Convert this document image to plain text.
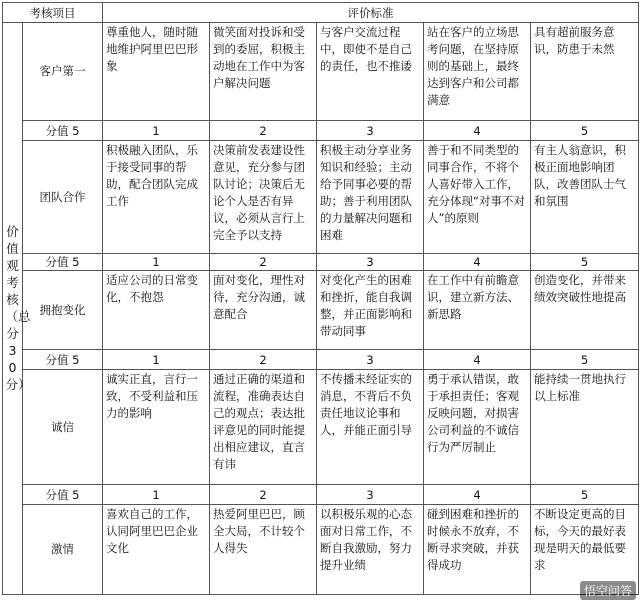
考核项目		评价标准				
价值观考核（总分30分）	客户第一	尊重他人，随时随地维护阿里巴巴形象	微笑面对投诉和受到的委屈，积极主动地在工作中为客户解决问题	与客户交流过程中，即使不是自己的责任，也不推诿	站在客户的立场思考问题，在坚持原则的基础上，最终达到客户和公司都满意	具有超前服务意识，防患于未然
	分值 5	1	2	3	4	5
	团队合作	积极融入团队，乐于接受同事的帮助，配合团队完成工作	决策前发表建设性意见，充分参与团队讨论；决策后无论个人是否有异议，必须从言行上完全予以支持	积极主动分享业务知识和经验；主动给予同事必要的帮助；善于利用团队的力量解决问题和困难	善于和不同类型的同事合作，不将个人喜好带入工作，充分体现“对事不对人”的原则	有主人翁意识，积极正面地影响团队，改善团队士气和氛围
	分值 5	1	2	3	4	5
	拥抱变化	适应公司的日常变化，不抱怨	面对变化，理性对待，充分沟通，诚意配合	对变化产生的困难和挫折，能自我调整，并正面影响和带动同事	在工作中有前瞻意识，建立新方法、新思路	创造变化，并带来绩效突破性地提高
	分值 5	1	2	3	4	5
	诚信	诚实正直，言行一致，不受利益和压力的影响	通过正确的渠道和流程，准确表达自己的观点；表达批评意见的同时能提出相应建议，直言有讳	不传播未经证实的消息，不背后不负责任地议论事和人，并能正面引导	勇于承认错误，敢于承担责任；客观反映问题，对损害公司利益的不诚信行为严厉制止	能持续一贯地执行以上标准
	分值 5	1	2	3	4	5
	激情	喜欢自己的工作，认同阿里巴巴企业文化	热爱阿里巴巴，顾全大局，不计较个人得失	以积极乐观的心态面对日常工作，不断自我激励，努力提升业绩	碰到困难和挫折的时候永不放弃，不断寻求突破，并获得成功	不断设定更高的目标，今天的最好表现是明天的最低要求
悟空问答
